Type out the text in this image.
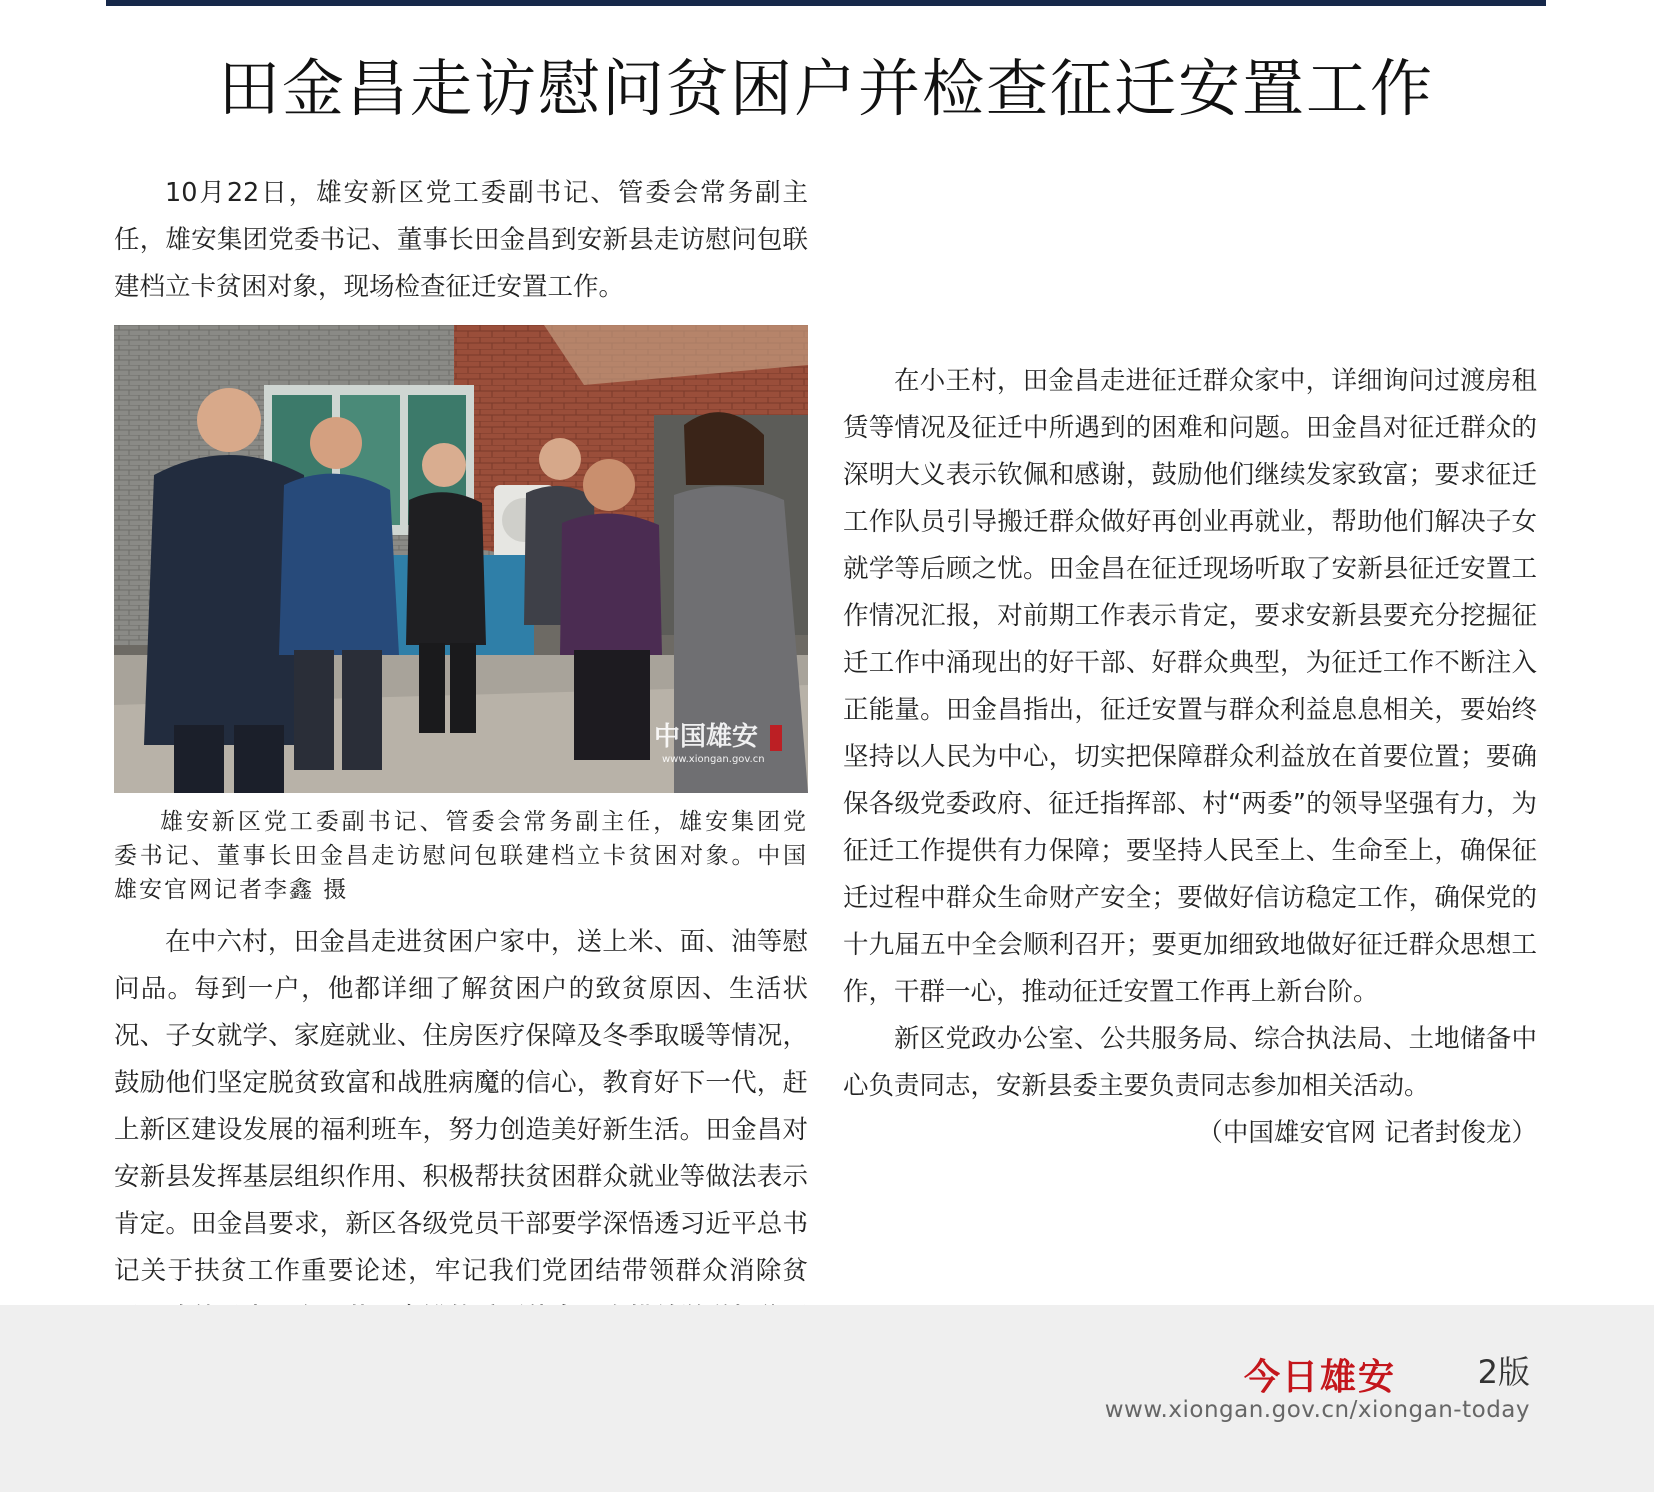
田金昌走访慰问贫困户并检查征迁安置工作

10月22日，雄安新区党工委副书记、管委会常务副主任，雄安集团党委书记、董事长田金昌到安新县走访慰问包联建档立卡贫困对象，现场检查征迁安置工作。

中国雄安
www.xiongan.gov.cn

雄安新区党工委副书记、管委会常务副主任，雄安集团党委书记、董事长田金昌走访慰问包联建档立卡贫困对象。中国雄安官网记者李鑫 摄

在中六村，田金昌走进贫困户家中，送上米、面、油等慰问品。每到一户，他都详细了解贫困户的致贫原因、生活状况、子女就学、家庭就业、住房医疗保障及冬季取暖等情况，鼓励他们坚定脱贫致富和战胜病魔的信心，教育好下一代，赶上新区建设发展的福利班车，努力创造美好新生活。田金昌对安新县发挥基层组织作用、积极帮扶贫困群众就业等做法表示肯定。田金昌要求，新区各级党员干部要学深悟透习近平总书记关于扶贫工作重要论述，牢记我们党团结带领群众消除贫

在小王村，田金昌走进征迁群众家中，详细询问过渡房租赁等情况及征迁中所遇到的困难和问题。田金昌对征迁群众的深明大义表示钦佩和感谢，鼓励他们继续发家致富；要求征迁工作队员引导搬迁群众做好再创业再就业，帮助他们解决子女就学等后顾之忧。田金昌在征迁现场听取了安新县征迁安置工作情况汇报，对前期工作表示肯定，要求安新县要充分挖掘征迁工作中涌现出的好干部、好群众典型，为征迁工作不断注入正能量。田金昌指出，征迁安置与群众利益息息相关，要始终坚持以人民为中心，切实把保障群众利益放在首要位置；要确保各级党委政府、征迁指挥部、村“两委”的领导坚强有力，为征迁工作提供有力保障；要坚持人民至上、生命至上，确保征迁过程中群众生命财产安全；要做好信访稳定工作，确保党的十九届五中全会顺利召开；要更加细致地做好征迁群众思想工作，干群一心，推动征迁安置工作再上新台阶。

新区党政办公室、公共服务局、综合执法局、土地储备中心负责同志，安新县委主要负责同志参加相关活动。

（中国雄安官网 记者封俊龙）

今日雄安	2版
www.xiongan.gov.cn/xiongan-today
